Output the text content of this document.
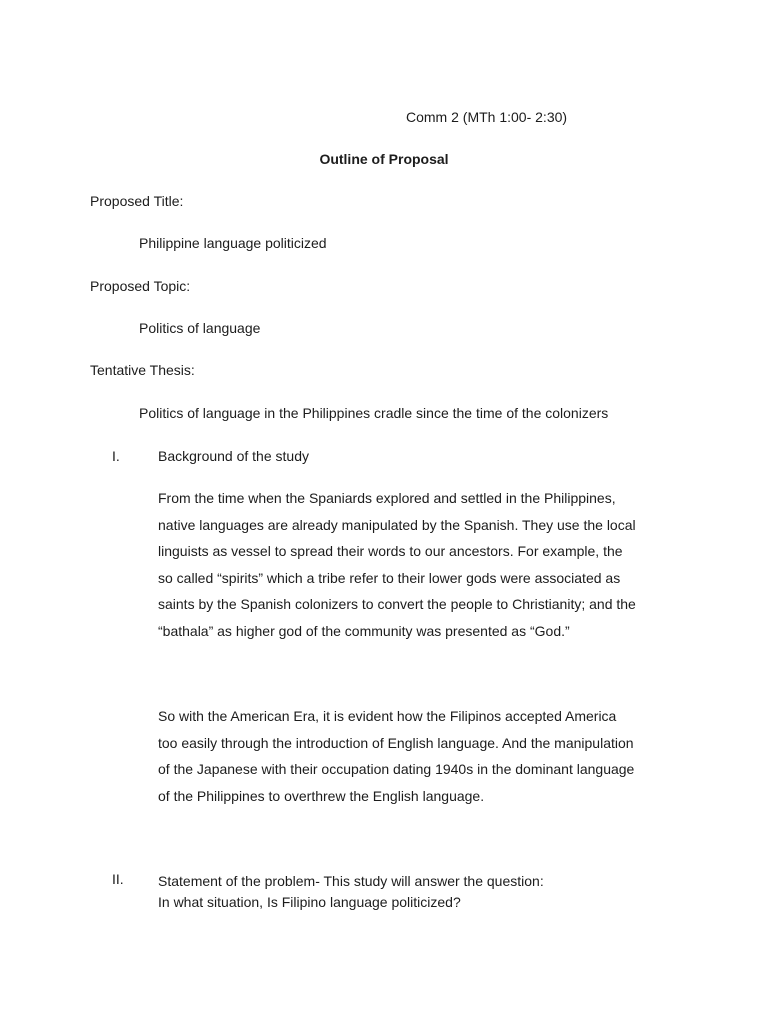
Comm 2 (MTh 1:00- 2:30)
Outline of Proposal
Proposed Title:
Philippine language politicized
Proposed Topic:
Politics of language
Tentative Thesis:
Politics of language in the Philippines cradle since the time of the colonizers
I.	Background of the study
From the time when the Spaniards explored and settled in the Philippines,
native languages are already manipulated by the Spanish. They use the local
linguists as vessel to spread their words to our ancestors. For example, the
so called “spirits” which a tribe refer to their lower gods were associated as
saints by the Spanish colonizers to convert the people to Christianity; and the
“bathala” as higher god of the community was presented as “God.”
So with the American Era, it is evident how the Filipinos accepted America
too easily through the introduction of English language. And the manipulation
of the Japanese with their occupation dating 1940s in the dominant language
of the Philippines to overthrew the English language.
II. Statement of the problem- This study will answer the question:
In what situation, Is Filipino language politicized?
